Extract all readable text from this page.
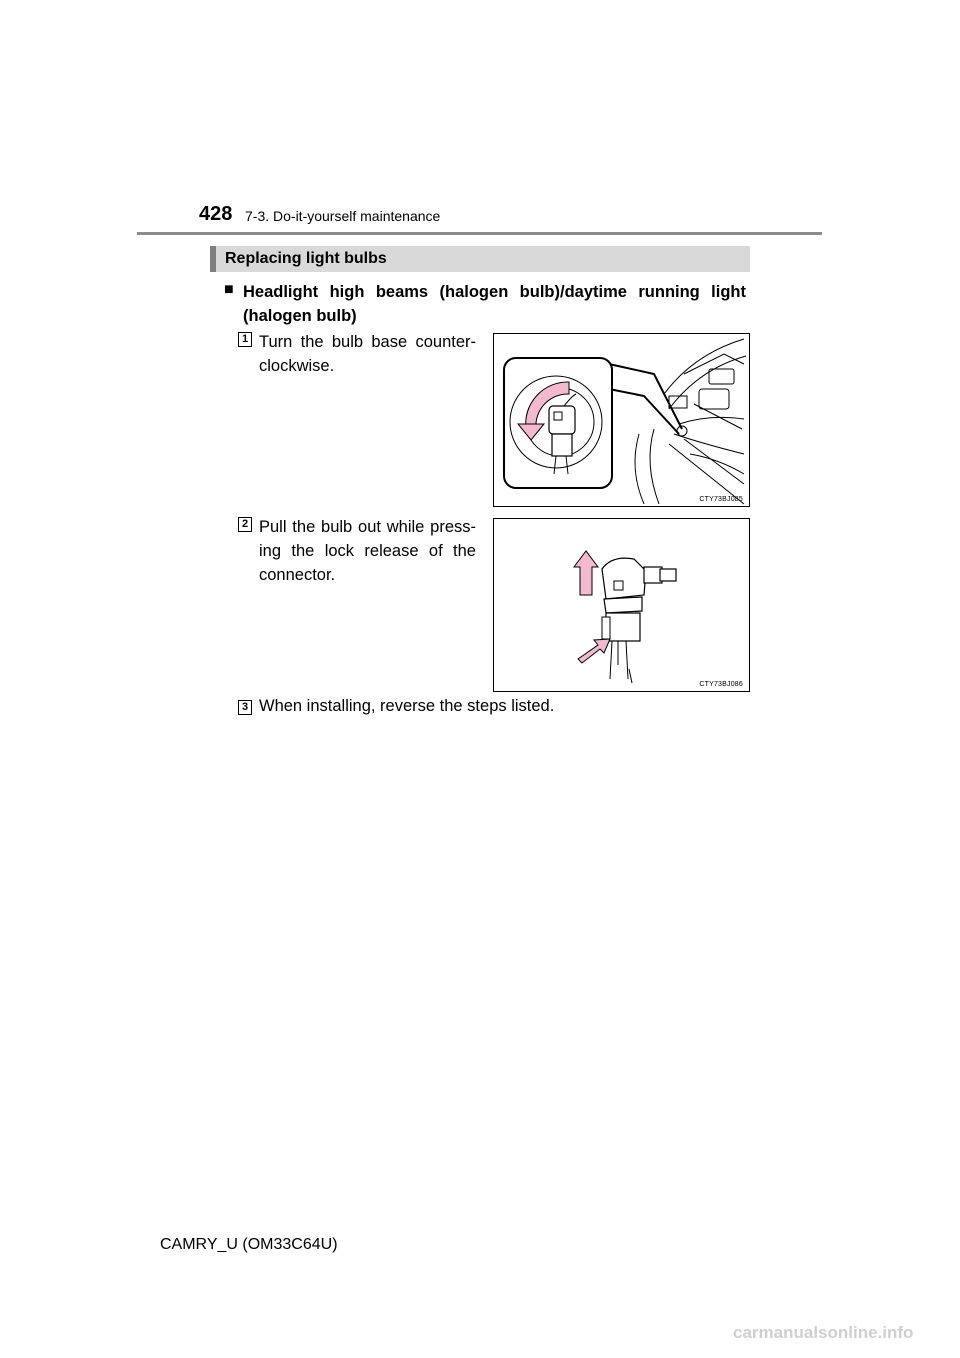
428 7-3. Do-it-yourself maintenance
Replacing light bulbs
■ Headlight high beams (halogen bulb)/daytime running light (halogen bulb)
1 Turn the bulb base counter-clockwise.
CTY73BJ085
2 Pull the bulb out while press-ing the lock release of the connector.
CTY73BJ086
3 When installing, reverse the steps listed.
CAMRY_U (OM33C64U)
carmanualsonline.info
